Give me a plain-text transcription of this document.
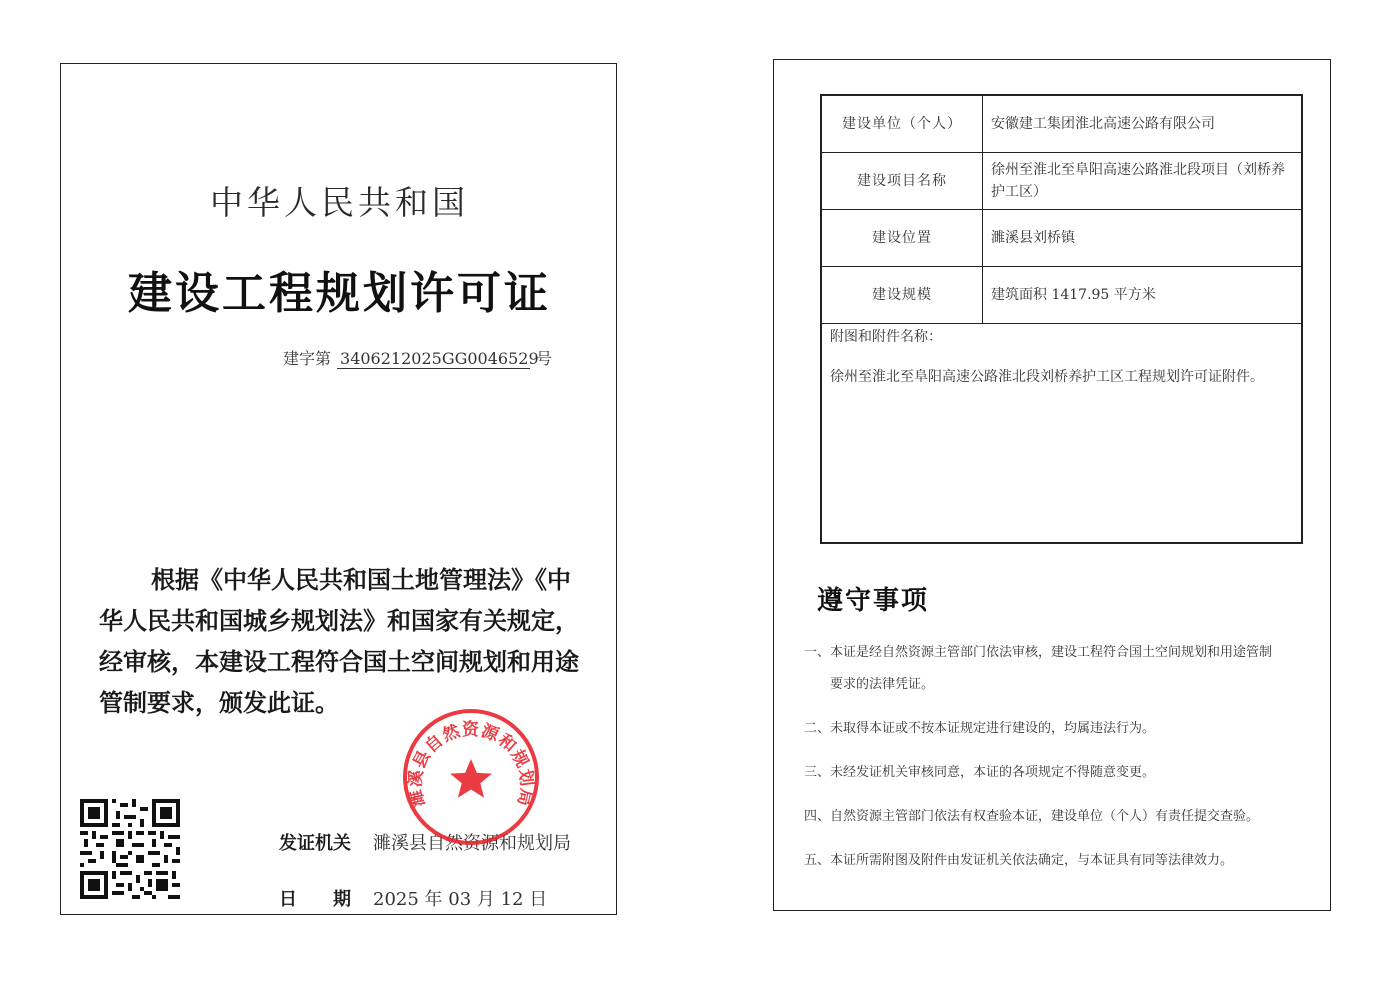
中华人民共和国
建设工程规划许可证
建字第 3406212025GG0046529号
根据《中华人民共和国土地管理法》《中华人民共和国城乡规划法》和国家有关规定，经审核，本建设工程符合国土空间规划和用途管制要求，颁发此证。
发证机关 濉溪县自然资源和规划局
日　　期 2025 年 03 月 12 日
濉溪县自然资源和规划局
建设单位（个人）	安徽建工集团淮北高速公路有限公司
建设项目名称	徐州至淮北至阜阳高速公路淮北段项目（刘桥养护工区）
建设位置	濉溪县刘桥镇
建设规模	建筑面积 1417.95 平方米

附图和附件名称：
徐州至淮北至阜阳高速公路淮北段刘桥养护工区工程规划许可证附件。	
遵守事项
一、本证是经自然资源主管部门依法审核，建设工程符合国土空间规划和用途管制
要求的法律凭证。
二、未取得本证或不按本证规定进行建设的，均属违法行为。
三、未经发证机关审核同意，本证的各项规定不得随意变更。
四、自然资源主管部门依法有权查验本证，建设单位（个人）有责任提交查验。
五、本证所需附图及附件由发证机关依法确定，与本证具有同等法律效力。
